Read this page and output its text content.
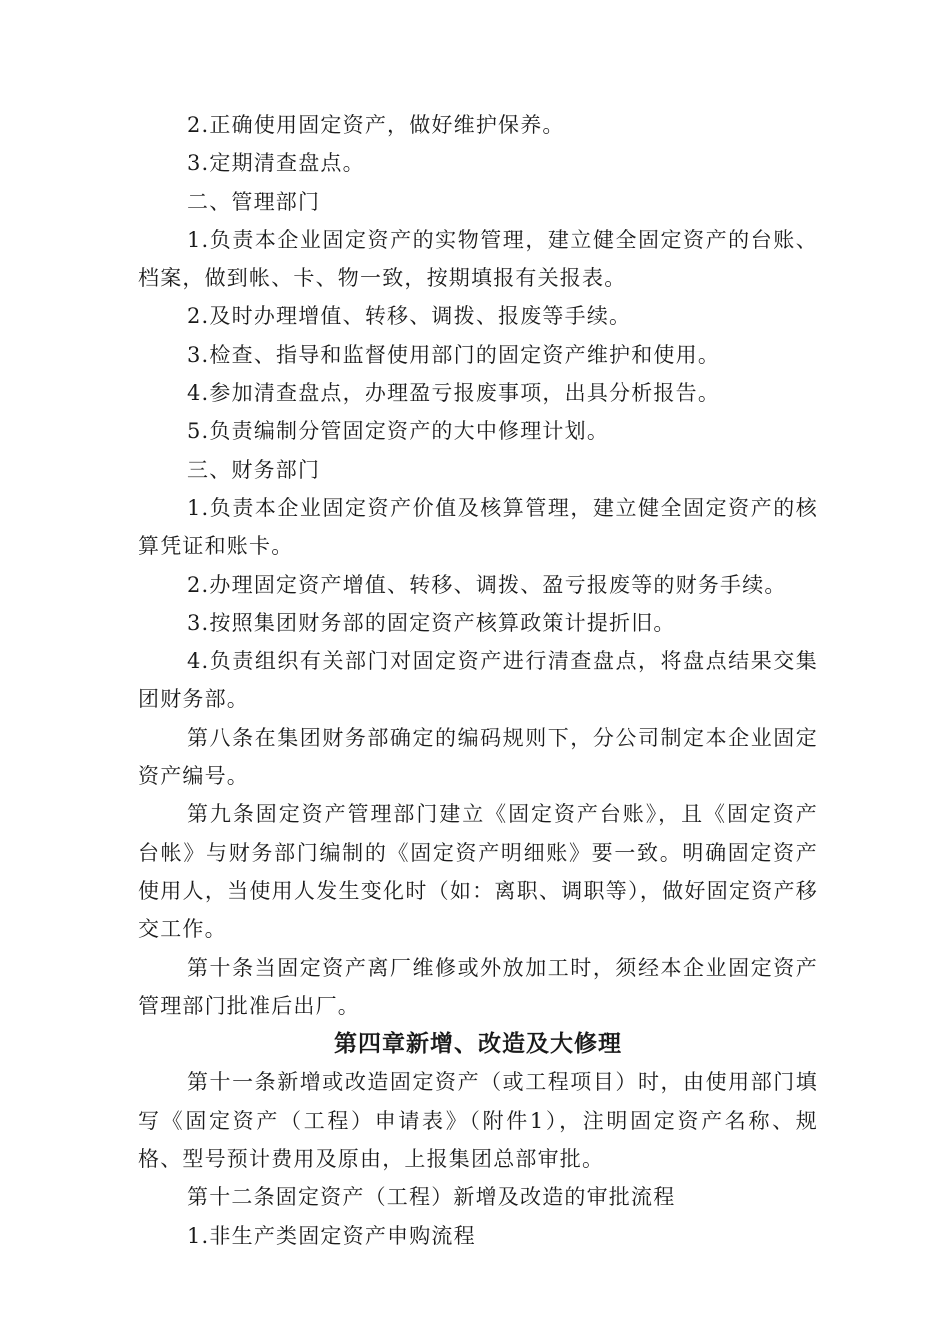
2.正确使用固定资产，做好维护保养。

3.定期清查盘点。

二、管理部门

1.负责本企业固定资产的实物管理，建立健全固定资产的台账、档案，做到帐、卡、物一致，按期填报有关报表。

2.及时办理增值、转移、调拨、报废等手续。

3.检查、指导和监督使用部门的固定资产维护和使用。

4.参加清查盘点，办理盈亏报废事项，出具分析报告。

5.负责编制分管固定资产的大中修理计划。

三、财务部门

1.负责本企业固定资产价值及核算管理，建立健全固定资产的核算凭证和账卡。

2.办理固定资产增值、转移、调拨、盈亏报废等的财务手续。

3.按照集团财务部的固定资产核算政策计提折旧。

4.负责组织有关部门对固定资产进行清查盘点，将盘点结果交集团财务部。

第八条在集团财务部确定的编码规则下，分公司制定本企业固定资产编号。

第九条固定资产管理部门建立《固定资产台账》，且《固定资产台帐》与财务部门编制的《固定资产明细账》要一致。明确固定资产使用人，当使用人发生变化时（如：离职、调职等），做好固定资产移交工作。

第十条当固定资产离厂维修或外放加工时，须经本企业固定资产管理部门批准后出厂。

第四章新增、改造及大修理

第十一条新增或改造固定资产（或工程项目）时，由使用部门填写《固定资产（工程）申请表》（附件1），注明固定资产名称、规格、型号预计费用及原由，上报集团总部审批。

第十二条固定资产（工程）新增及改造的审批流程

1.非生产类固定资产申购流程
